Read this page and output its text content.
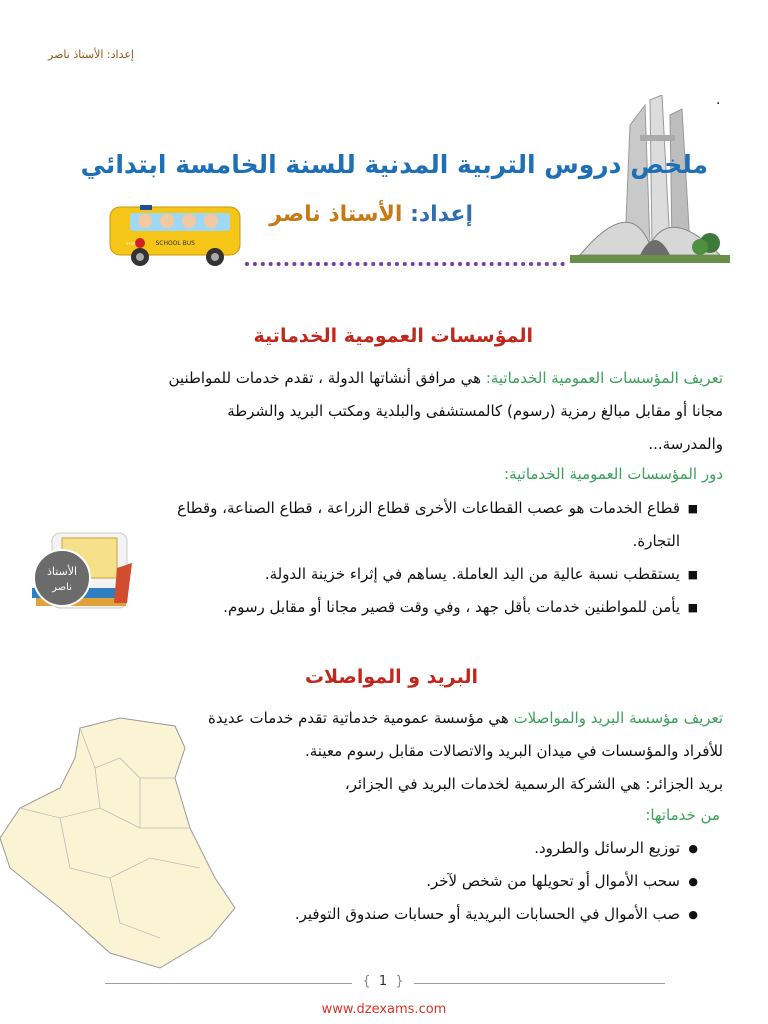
إعداد: الأستاذ ناصر
.
ملخص دروس التربية المدنية للسنة الخامسة ابتدائي
إعداد: الأستاذ ناصر
SCHOOL BUS
STOP
المؤسسات العمومية الخدماتية
تعريف المؤسسات العمومية الخدماتية: هي مرافق أنشاتها الدولة ، تقدم خدمات للمواطنين
مجانا أو مقابل مبالغ رمزية (رسوم) كالمستشفى والبلدية ومكتب البريد والشرطة
والمدرسة...
دور المؤسسات العمومية الخدماتية:
■
قطاع الخدمات هو عصب القطاعات الأخرى قطاع الزراعة ، قطاع الصناعة، وقطاع
التجارة.
■
يستقطب نسبة عالية من اليد العاملة. يساهم في إثراء خزينة الدولة.
■
يأمن للمواطنين خدمات بأقل جهد ، وفي وقت قصير مجانا أو مقابل رسوم.
الأستاذ
ناصر
البريد و المواصلات
تعريف مؤسسة البريد والمواصلات هي مؤسسة عمومية خدماتية تقدم خدمات عديدة
للأفراد والمؤسسات في ميدان البريد والاتصالات مقابل رسوم معينة.
بريد الجزائر: هي الشركة الرسمية لخدمات البريد في الجزائر،
من خدماتها:
●
توزيع الرسائل والطرود.
●
سحب الأموال أو تحويلها من شخص لآخر.
●
صب الأموال في الحسابات البريدية أو حسابات صندوق التوفير.
{  1  }
www.dzexams.com
